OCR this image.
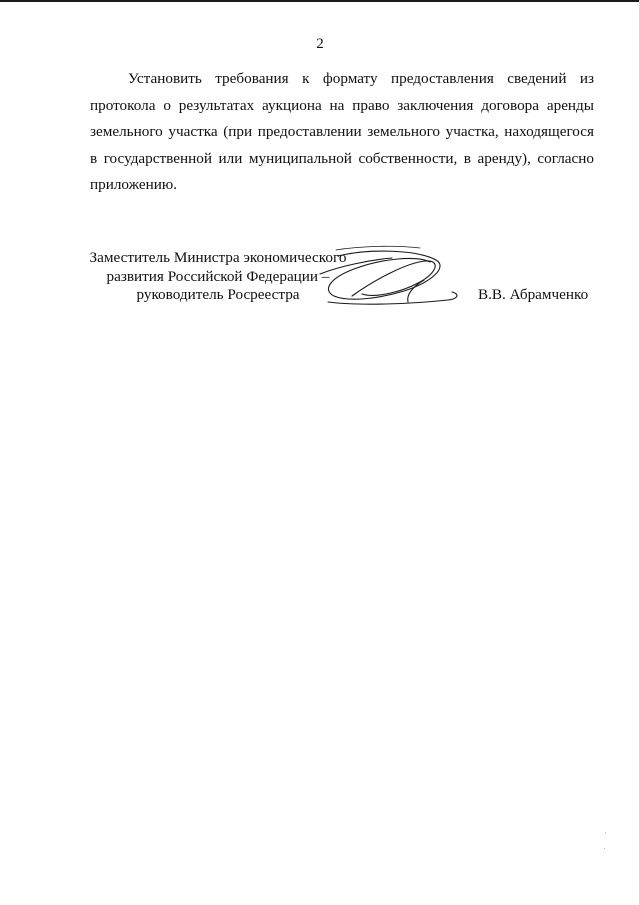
2

Установить требования к формату предоставления сведений из протокола о результатах аукциона на право заключения договора аренды земельного участка (при предоставлении земельного участка, находящегося в государственной или муниципальной собственности, в аренду), согласно приложению.

Заместитель Министра экономического
развития Российской Федерации –
руководитель Росреестра	В.В. Абрамченко
